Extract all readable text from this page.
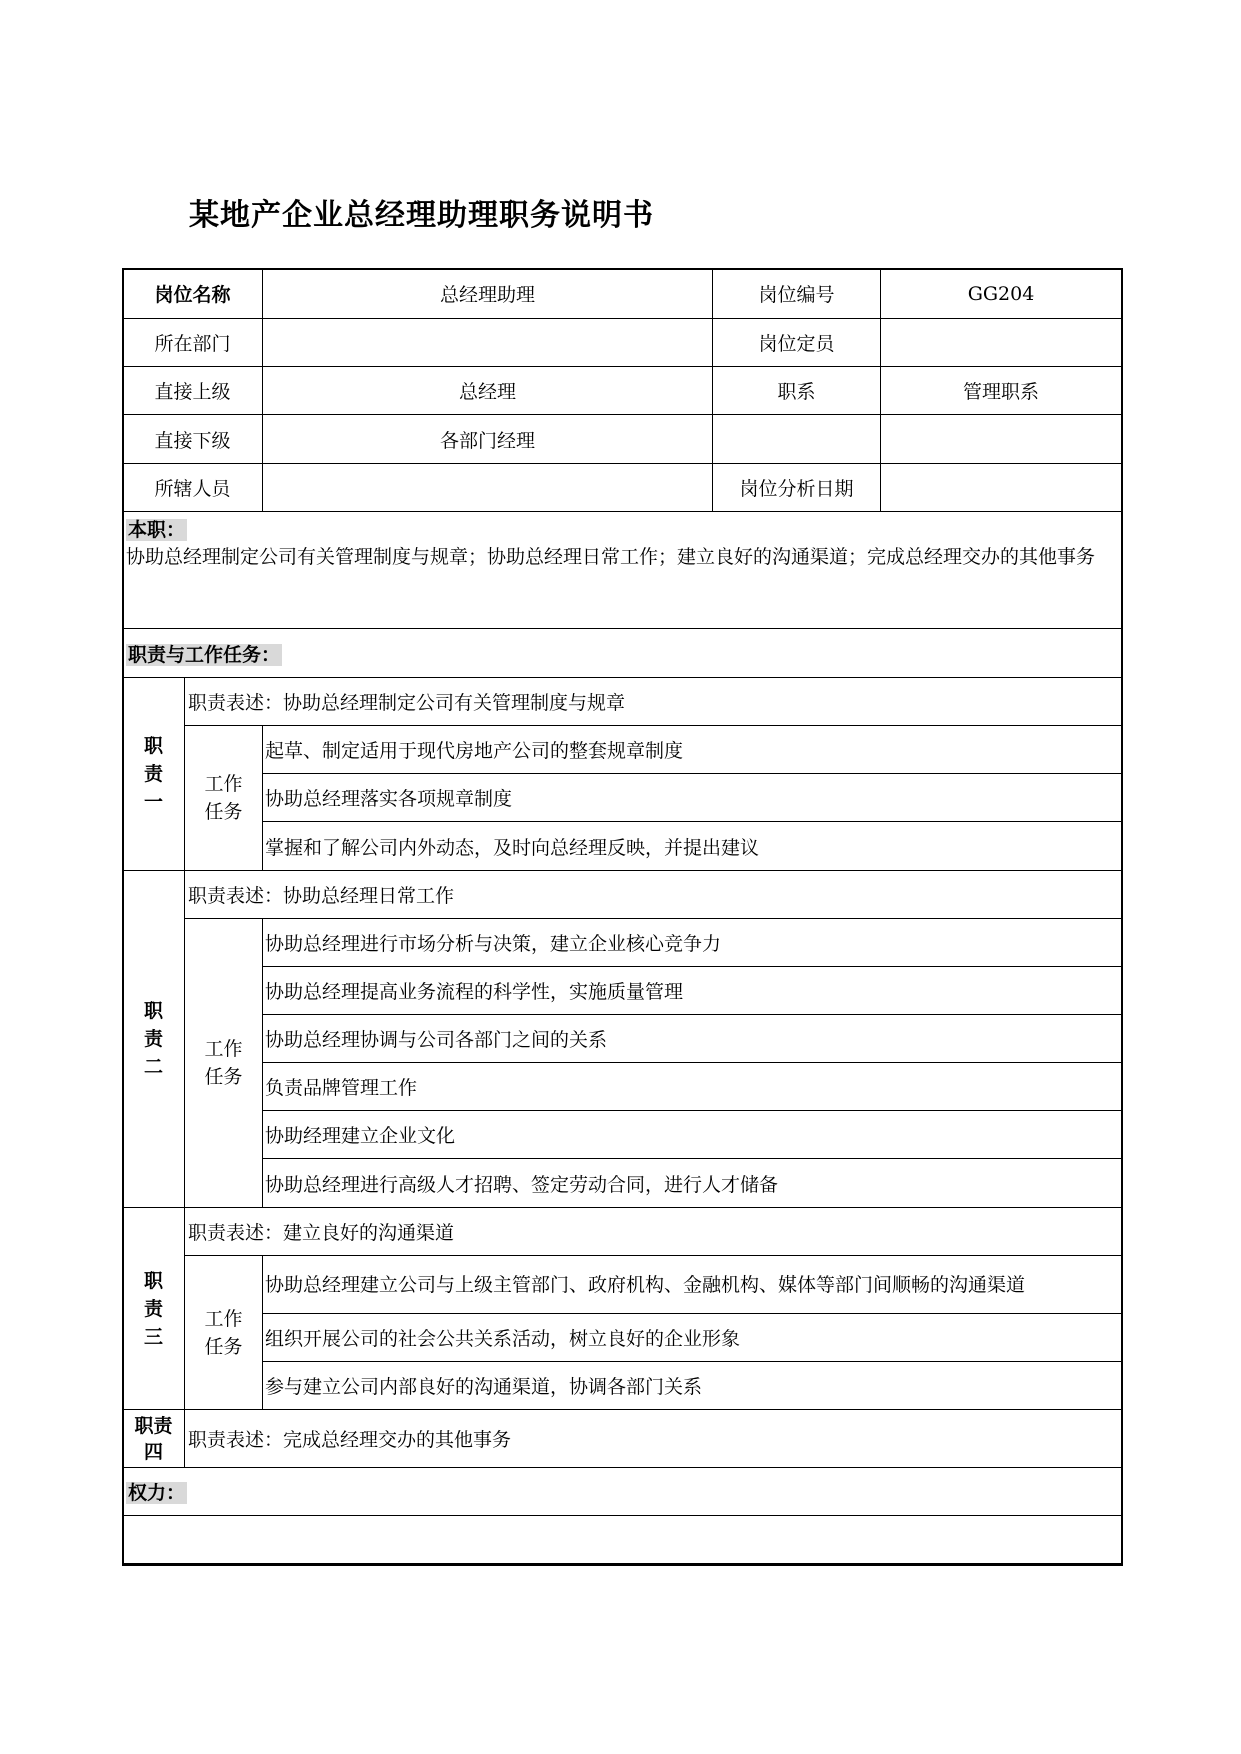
某地产企业总经理助理职务说明书
岗位名称		总经理助理	岗位编号	GG204
所在部门			岗位定员	
直接上级		总经理	职系	管理职系
直接下级		各部门经理		
所辖人员			岗位分析日期	

本职：
协助总经理制定公司有关管理制度与规章；协助总经理日常工作；建立良好的沟通渠道；完成总经理交办的其他事务				

职责与工作任务：				
职
责
一	职责表述：协助总经理制定公司有关管理制度与规章			
	工作
任务	起草、制定适用于现代房地产公司的整套规章制度		
		协助总经理落实各项规章制度		
		掌握和了解公司内外动态，及时向总经理反映，并提出建议		
职
责
二	职责表述：协助总经理日常工作			
	工作
任务	协助总经理进行市场分析与决策，建立企业核心竞争力		
		协助总经理提高业务流程的科学性，实施质量管理		
		协助总经理协调与公司各部门之间的关系		
		负责品牌管理工作		
		协助经理建立企业文化		
		协助总经理进行高级人才招聘、签定劳动合同，进行人才储备		
职
责
三	职责表述：建立良好的沟通渠道			
	工作
任务	协助总经理建立公司与上级主管部门、政府机构、金融机构、媒体等部门间顺畅的沟通渠道		
		组织开展公司的社会公共关系活动，树立良好的企业形象		
		参与建立公司内部良好的沟通渠道，协调各部门关系		
职责
四	职责表述：完成总经理交办的其他事务			
权力：				
